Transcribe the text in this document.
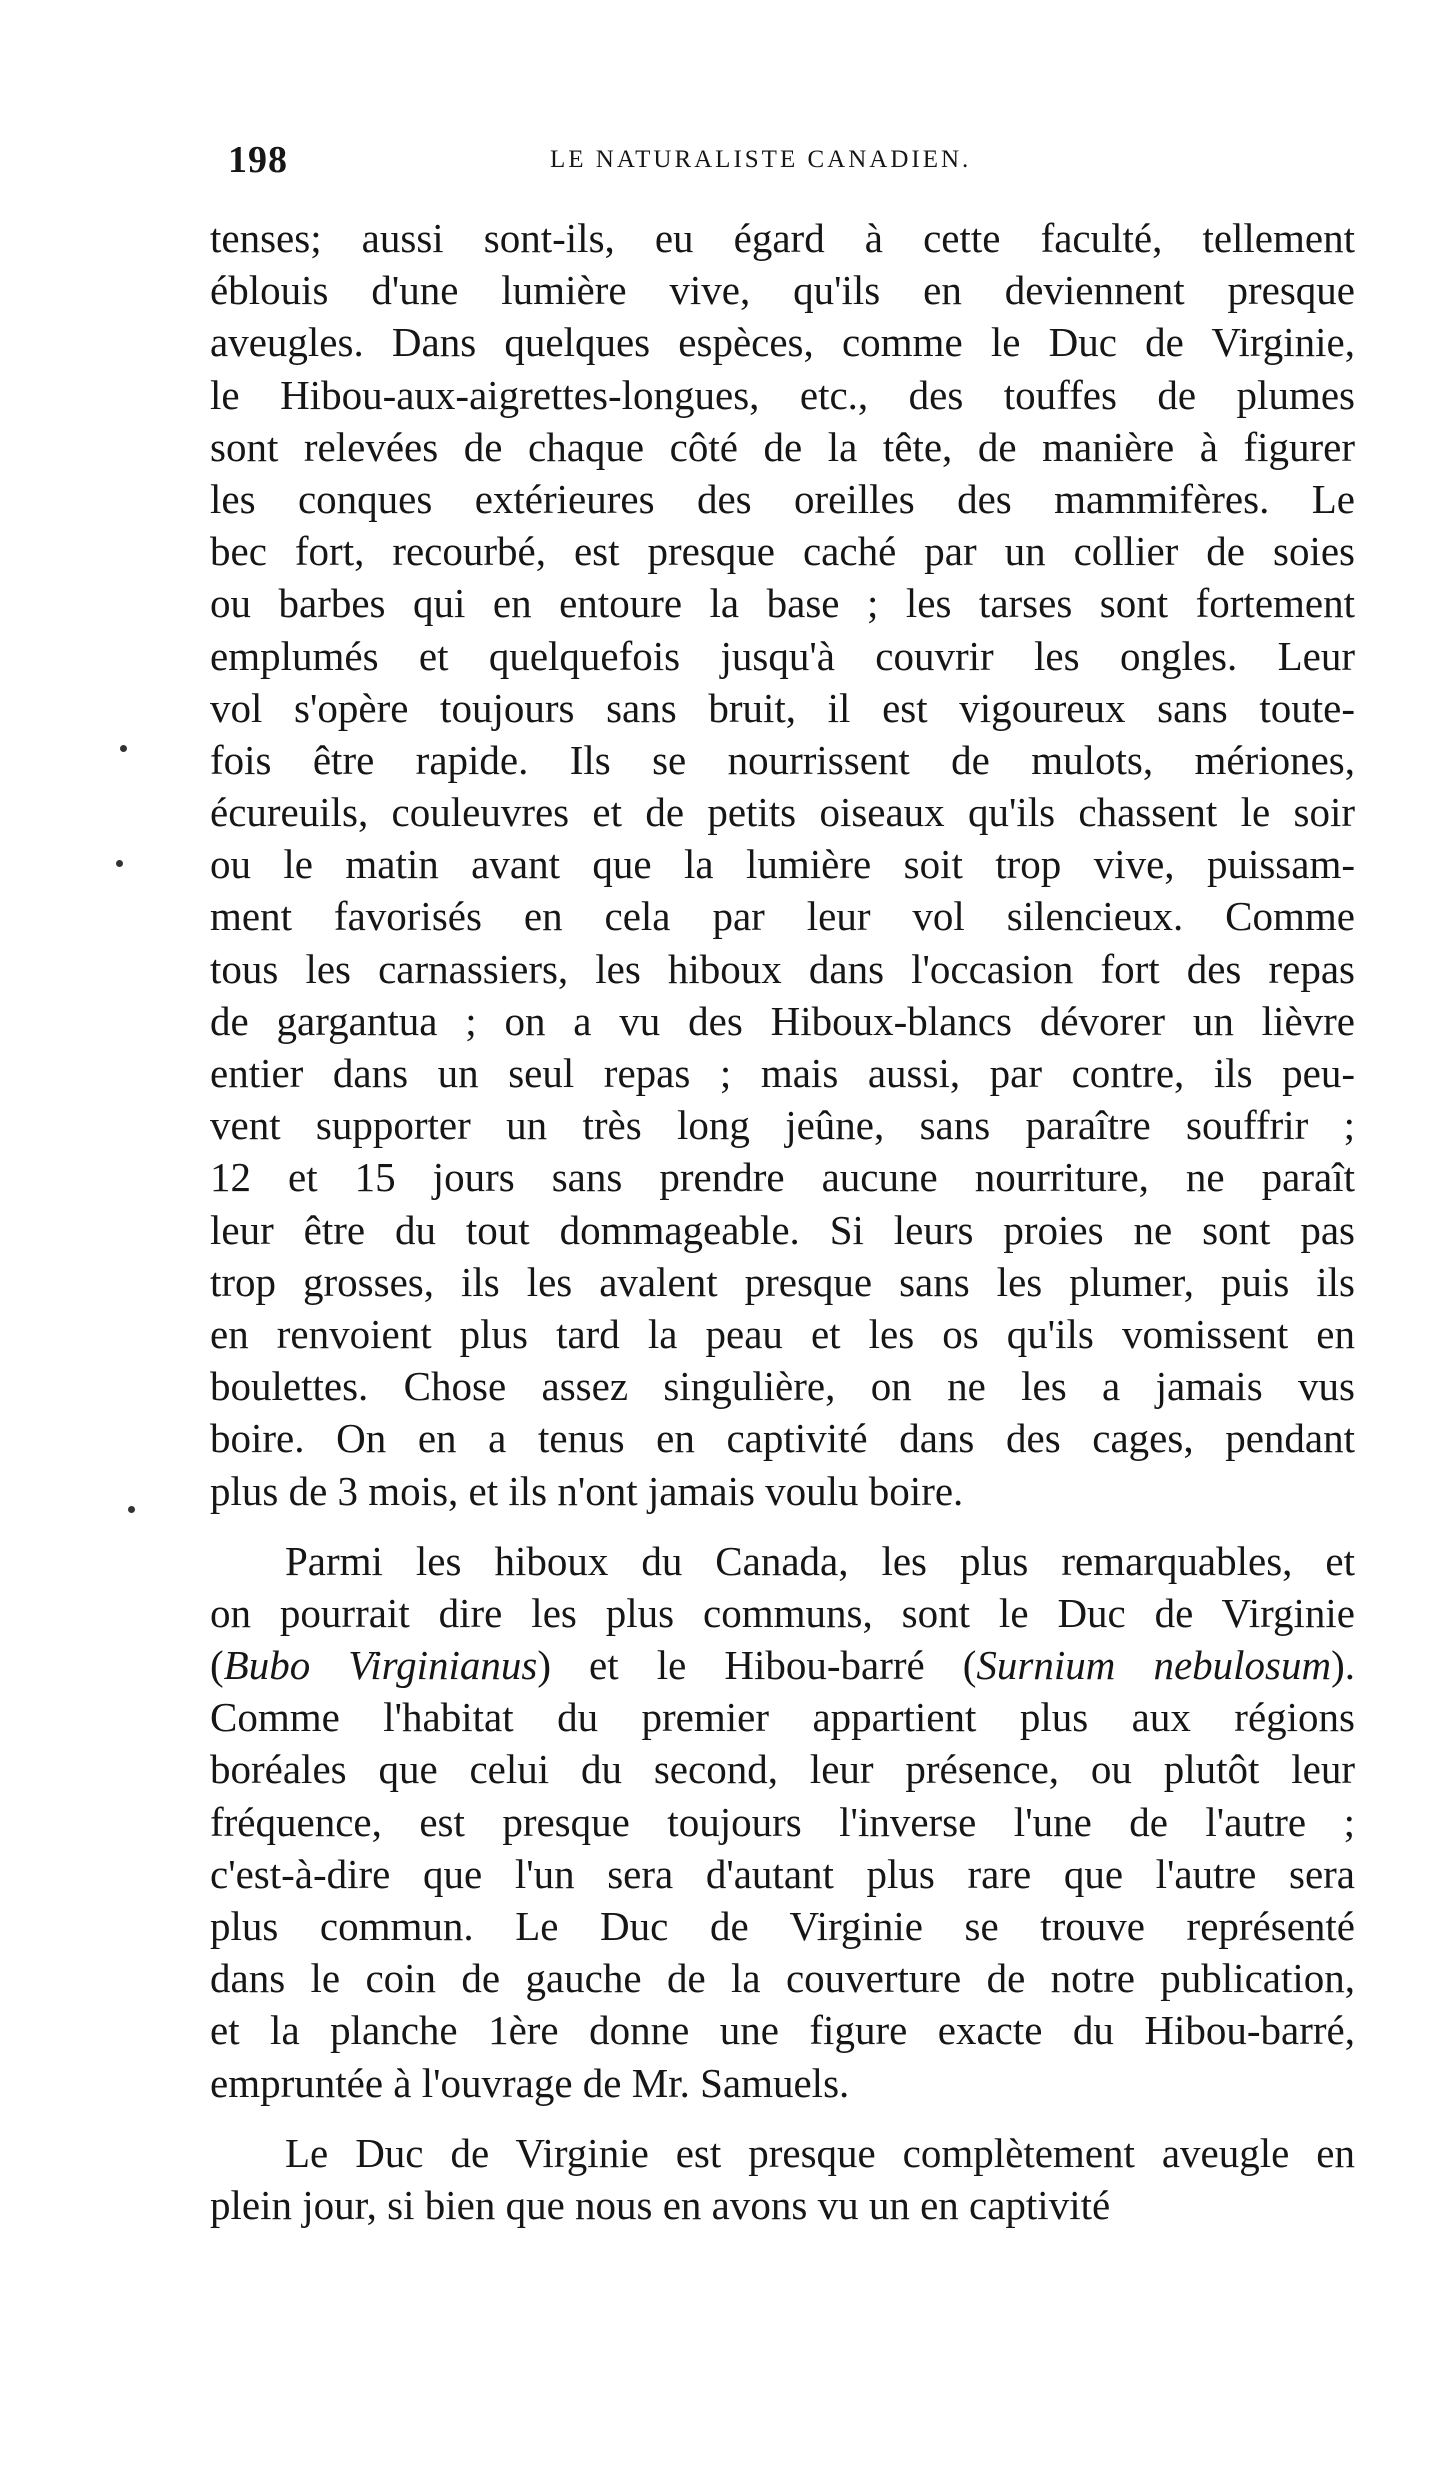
198	LE NATURALISTE CANADIEN.
tenses; aussi sont-ils, eu égard à cette faculté, tellement
éblouis d'une lumière vive, qu'ils en deviennent presque
aveugles. Dans quelques espèces, comme le Duc de Virginie,
le Hibou-aux-aigrettes-longues, etc., des touffes de plumes
sont relevées de chaque côté de la tête, de manière à figurer
les conques extérieures des oreilles des mammifères. Le
bec fort, recourbé, est presque caché par un collier de soies
ou barbes qui en entoure la base ; les tarses sont fortement
emplumés et quelquefois jusqu'à couvrir les ongles. Leur
vol s'opère toujours sans bruit, il est vigoureux sans toute-
fois être rapide. Ils se nourrissent de mulots, mériones,
écureuils, couleuvres et de petits oiseaux qu'ils chassent le soir
ou le matin avant que la lumière soit trop vive, puissam-
ment favorisés en cela par leur vol silencieux. Comme
tous les carnassiers, les hiboux dans l'occasion fort des repas
de gargantua ; on a vu des Hiboux-blancs dévorer un lièvre
entier dans un seul repas ; mais aussi, par contre, ils peu-
vent supporter un très long jeûne, sans paraître souffrir ;
12 et 15 jours sans prendre aucune nourriture, ne paraît
leur être du tout dommageable. Si leurs proies ne sont pas
trop grosses, ils les avalent presque sans les plumer, puis ils
en renvoient plus tard la peau et les os qu'ils vomissent en
boulettes. Chose assez singulière, on ne les a jamais vus
boire. On en a tenus en captivité dans des cages, pendant
plus de 3 mois, et ils n'ont jamais voulu boire.
Parmi les hiboux du Canada, les plus remarquables, et
on pourrait dire les plus communs, sont le Duc de Virginie
(Bubo Virginianus) et le Hibou-barré (Surnium nebulosum).
Comme l'habitat du premier appartient plus aux régions
boréales que celui du second, leur présence, ou plutôt leur
fréquence, est presque toujours l'inverse l'une de l'autre ;
c'est-à-dire que l'un sera d'autant plus rare que l'autre sera
plus commun. Le Duc de Virginie se trouve représenté
dans le coin de gauche de la couverture de notre publication,
et la planche 1ère donne une figure exacte du Hibou-barré,
empruntée à l'ouvrage de Mr. Samuels.
Le Duc de Virginie est presque complètement aveugle en
plein jour, si bien que nous en avons vu un en captivité
